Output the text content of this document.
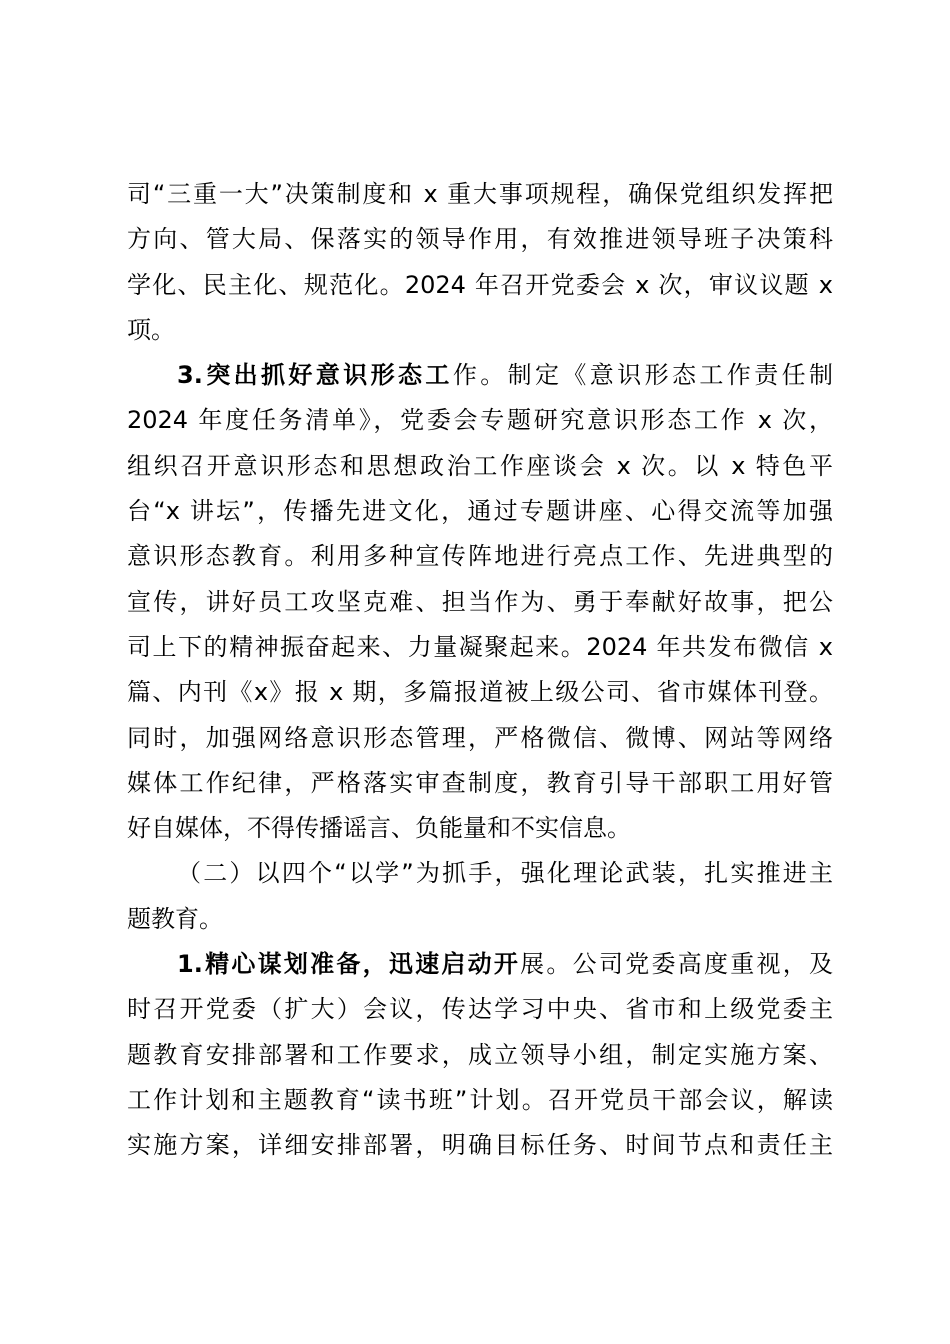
司“三重一大”决策制度和 x 重大事项规程，确保党组织发挥把
方向、管大局、保落实的领导作用，有效推进领导班子决策科
学化、民主化、规范化。2024 年召开党委会 x 次，审议议题 x
项。
3.突出抓好意识形态工作。制定《意识形态工作责任制
2024 年度任务清单》，党委会专题研究意识形态工作 x 次，
组织召开意识形态和思想政治工作座谈会 x 次。以 x 特色平
台“x 讲坛”，传播先进文化，通过专题讲座、心得交流等加强
意识形态教育。利用多种宣传阵地进行亮点工作、先进典型的
宣传，讲好员工攻坚克难、担当作为、勇于奉献好故事，把公
司上下的精神振奋起来、力量凝聚起来。2024 年共发布微信 x
篇、内刊《x》报 x 期，多篇报道被上级公司、省市媒体刊登。
同时，加强网络意识形态管理，严格微信、微博、网站等网络
媒体工作纪律，严格落实审查制度，教育引导干部职工用好管
好自媒体，不得传播谣言、负能量和不实信息。
（二）以四个“以学”为抓手，强化理论武装，扎实推进主
题教育。
1.精心谋划准备，迅速启动开展。公司党委高度重视，及
时召开党委（扩大）会议，传达学习中央、省市和上级党委主
题教育安排部署和工作要求，成立领导小组，制定实施方案、
工作计划和主题教育“读书班”计划。召开党员干部会议，解读
实施方案，详细安排部署，明确目标任务、时间节点和责任主
